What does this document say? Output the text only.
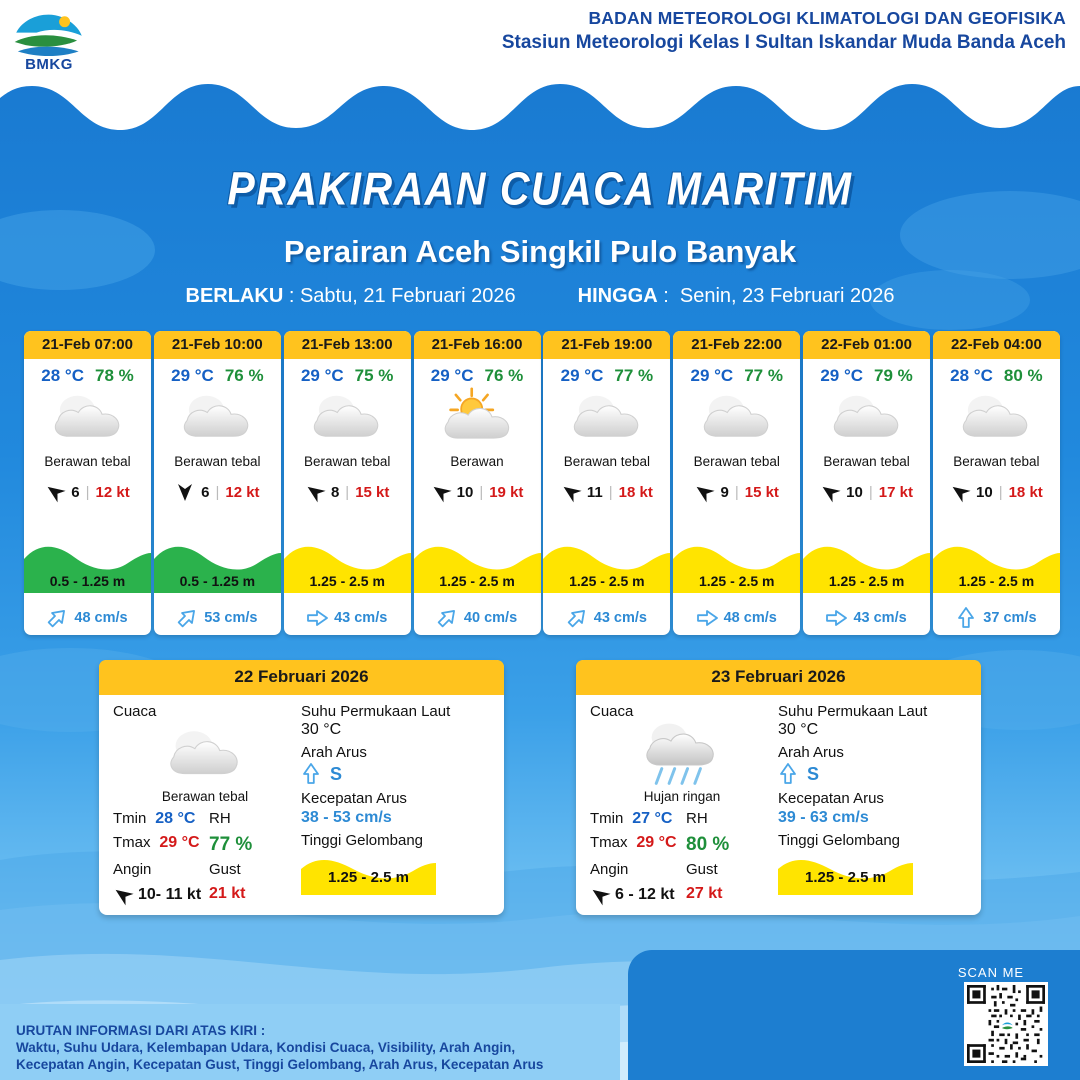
BMKG
BADAN METEOROLOGI KLIMATOLOGI DAN GEOFISIKA
Stasiun Meteorologi Kelas I Sultan Iskandar Muda Banda Aceh
PRAKIRAAN CUACA MARITIM
Perairan Aceh Singkil Pulo Banyak
BERLAKU : Sabtu, 21 Februari 2026	HINGGA :  Senin, 23 Februari 2026
21-Feb 07:00
28 °C 78 %
Berawan tebal
6 | 12 kt
0.5 - 1.25 m
48 cm/s
21-Feb 10:00
29 °C 76 %
Berawan tebal
6 | 12 kt
0.5 - 1.25 m
53 cm/s
21-Feb 13:00
29 °C 75 %
Berawan tebal
8 | 15 kt
1.25 - 2.5 m
43 cm/s
21-Feb 16:00
29 °C 76 %
Berawan
10 | 19 kt
1.25 - 2.5 m
40 cm/s
21-Feb 19:00
29 °C 77 %
Berawan tebal
11 | 18 kt
1.25 - 2.5 m
43 cm/s
21-Feb 22:00
29 °C 77 %
Berawan tebal
9 | 15 kt
1.25 - 2.5 m
48 cm/s
22-Feb 01:00
29 °C 79 %
Berawan tebal
10 | 17 kt
1.25 - 2.5 m
43 cm/s
22-Feb 04:00
28 °C 80 %
Berawan tebal
10 | 18 kt
1.25 - 2.5 m
37 cm/s
22 Februari 2026
Cuaca
Berawan tebal
Tmin 28 °C RH
Tmax 29 °C 77 %
Angin	Gust
10- 11 kt 21 kt
Suhu Permukaan Laut
30 °C
Arah Arus
S
Kecepatan Arus
38 - 53 cm/s
Tinggi Gelombang
1.25 - 2.5 m
23 Februari 2026
Cuaca
Hujan ringan
Tmin 27 °C RH
Tmax 29 °C 80 %
Angin	Gust
6 - 12 kt 27 kt
Suhu Permukaan Laut
30 °C
Arah Arus
S
Kecepatan Arus
39 - 63 cm/s
Tinggi Gelombang
1.25 - 2.5 m
URUTAN INFORMASI DARI ATAS KIRI :
Waktu, Suhu Udara, Kelembapan Udara, Kondisi Cuaca, Visibility, Arah Angin,
Kecepatan Angin, Kecepatan Gust, Tinggi Gelombang, Arah Arus, Kecepatan Arus
SCAN ME
